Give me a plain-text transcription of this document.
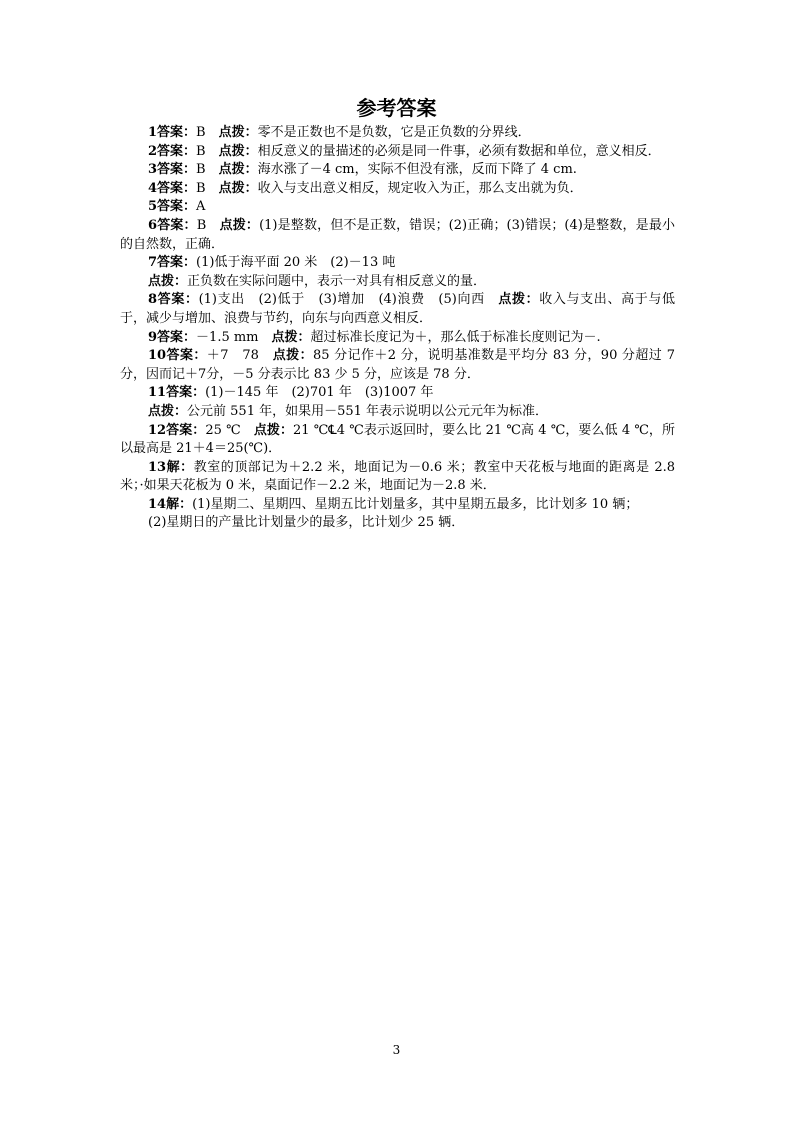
参考答案

1答案：B　点拨：零不是正数也不是负数，它是正负数的分界线．

2答案：B　点拨：相反意义的量描述的必须是同一件事，必须有数据和单位，意义相反．

3答案：B　点拨：海水涨了－4 cm，实际不但没有涨，反而下降了 4 cm.

4答案：B　点拨：收入与支出意义相反，规定收入为正，那么支出就为负．

5答案：A

6答案：B　点拨：(1)是整数，但不是正数，错误；(2)正确；(3)错误；(4)是整数，是最小的自然数，正确．

7答案：(1)低于海平面 20 米　(2)－13 吨

点拨：正负数在实际问题中，表示一对具有相反意义的量．

8答案：(1)支出　(2)低于　(3)增加　(4)浪费　(5)向西　点拨：收入与支出、高于与低于，减少与增加、浪费与节约，向东与向西意义相反．

9答案：－1.5 mm　点拨：超过标准长度记为＋，那么低于标准长度则记为－.

10答案：＋7　78　点拨：85 分记作＋2 分，说明基准数是平均分 83 分，90 分超过 7 分，因而记＋7分，－5 分表示比 83 少 5 分，应该是 78 分．

11答案：(1)－145 年　(2)701 年　(3)1007 年

点拨：公元前 551 年，如果用－551 年表示说明以公元元年为标准．

12答案：25 ℃　点拨：21 ℃℄4 ℃表示返回时，要么比 21 ℃高 4 ℃，要么低 4 ℃，所以最高是 21＋4＝25(℃)．

13解：教室的顶部记为＋2.2 米，地面记为－0.6 米；教室中天花板与地面的距离是 2.8 米；·如果天花板为 0 米，桌面记作－2.2 米，地面记为－2.8 米．

14解：(1)星期二、星期四、星期五比计划量多，其中星期五最多，比计划多 10 辆；

(2)星期日的产量比计划量少的最多，比计划少 25 辆．

3
